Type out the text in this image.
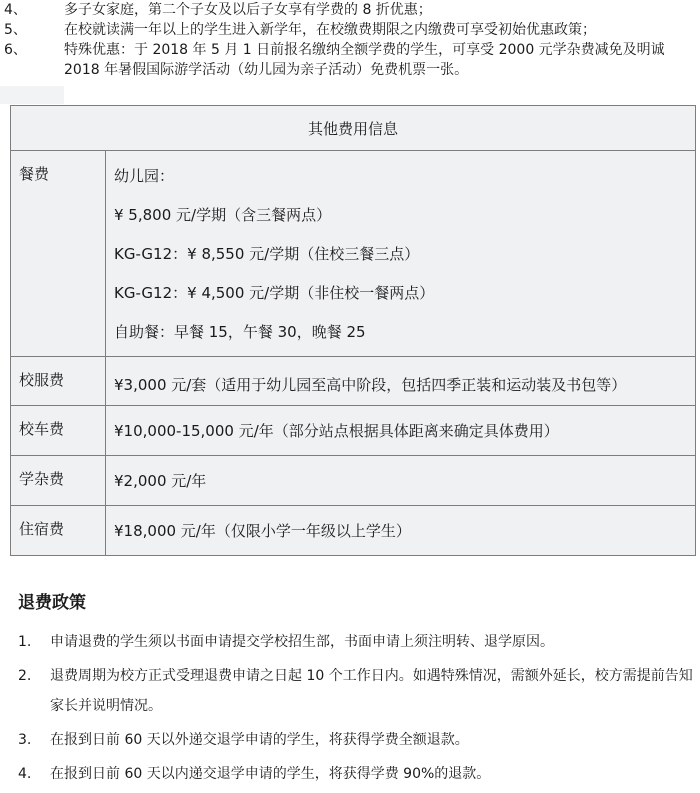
4、	多子女家庭，第二个子女及以后子女享有学费的 8 折优惠；
5、	在校就读满一年以上的学生进入新学年，在校缴费期限之内缴费可享受初始优惠政策；
6、	特殊优惠：于 2018 年 5 月 1 日前报名缴纳全额学费的学生，可享受 2000 元学杂费减免及明诚 2018 年暑假国际游学活动（幼儿园为亲子活动）免费机票一张。
其他费用信息	
餐费	幼儿园：
¥ 5,800 元/学期（含三餐两点）
KG-G12：¥ 8,550 元/学期（住校三餐三点）
KG-G12：¥ 4,500 元/学期（非住校一餐两点）
自助餐：早餐 15，午餐 30，晚餐 25

校服费	¥3,000 元/套（适用于幼儿园至高中阶段，包括四季正装和运动装及书包等）

校车费	¥10,000-15,000 元/年（部分站点根据具体距离来确定具体费用）

学杂费	¥2,000 元/年

住宿费	¥18,000 元/年（仅限小学一年级以上学生）
退费政策
1. 申请退费的学生须以书面申请提交学校招生部，书面申请上须注明转、退学原因。
2. 退费周期为校方正式受理退费申请之日起 10 个工作日内。如遇特殊情况，需额外延长，校方需提前告知家长并说明情况。
3. 在报到日前 60 天以外递交退学申请的学生，将获得学费全额退款。
4. 在报到日前 60 天以内递交退学申请的学生，将获得学费 90%的退款。
